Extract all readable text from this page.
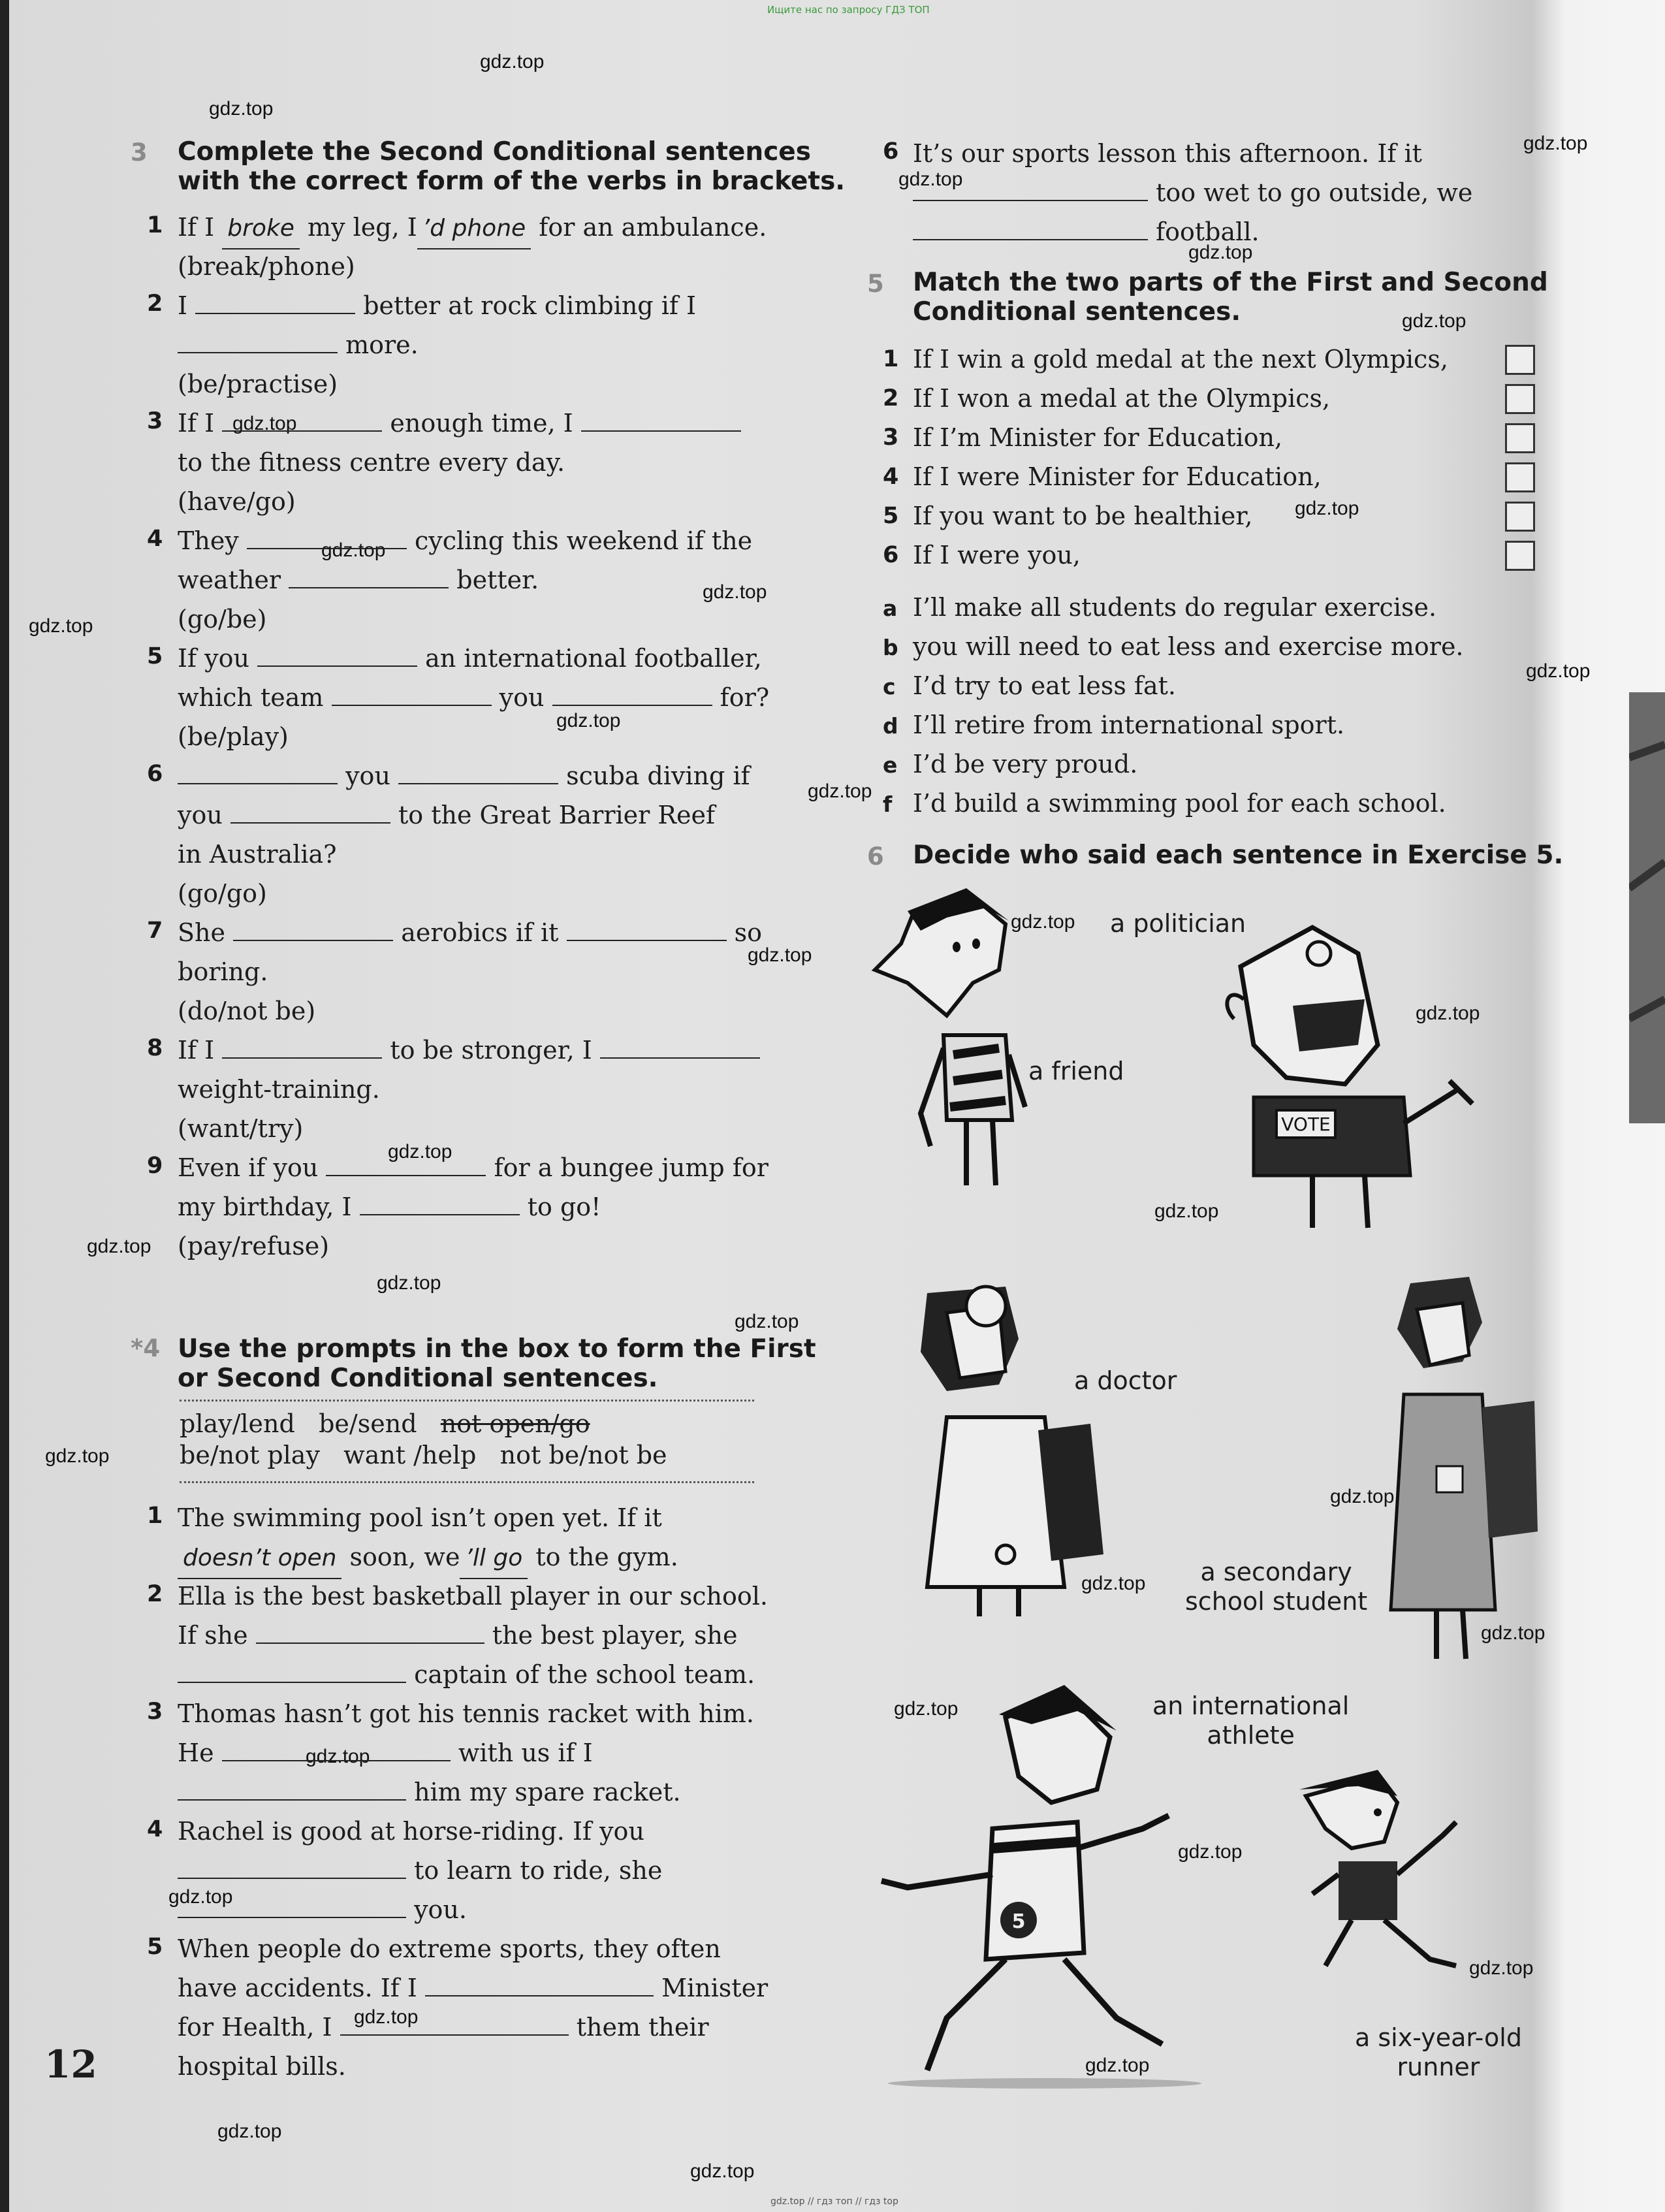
Ищите нас по запросу ГДЗ ТОП
gdz.top // гдз топ // гдз top
gdz.top
gdz.top
gdz.top
gdz.top
gdz.top
gdz.top
gdz.top
gdz.top
gdz.top
gdz.top
gdz.top
gdz.top
gdz.top
gdz.top
gdz.top
gdz.top
gdz.top
gdz.top
gdz.top
gdz.top
gdz.top
gdz.top
gdz.top
gdz.top
gdz.top
gdz.top
gdz.top
gdz.top
gdz.top
gdz.top
gdz.top
gdz.top
gdz.top
gdz.top
gdz.top
3 Complete the Second Conditional sentences
with the correct form of the verbs in brackets.
1 If I broke my leg, I ’d phone for an ambulance.
(break/phone)
2 I	better at rock climbing if I
more.
(be/practise)
3 If I	enough time, I
to the fitness centre every day.
(have/go)
4 They	cycling this weekend if the
weather	better.
(go/be)
5 If you	an international footballer,
which team	you	for?
(be/play)
6	you	scuba diving if
you	to the Great Barrier Reef
in Australia?
(go/go)
7 She	aerobics if it	so
boring.
(do/not be)
8 If I	to be stronger, I
weight-training.
(want/try)
9 Even if you	for a bungee jump for
my birthday, I	to go!
(pay/refuse)
*4 Use the prompts in the box to form the First
or Second Conditional sentences.
play/lend be/send not open/go
be/not play want /help not be/not be
1 The swimming pool isn’t open yet. If it
doesn’t open soon, we ’ll go to the gym.
2 Ella is the best basketball player in our school.
If she	the best player, she
captain of the school team.
3 Thomas hasn’t got his tennis racket with him.
He	with us if I
him my spare racket.
4 Rachel is good at horse-riding. If you
to learn to ride, she
you.
5 When people do extreme sports, they often
have accidents. If I	Minister
for Health, I	them their
hospital bills.
12
6 It’s our sports lesson this afternoon. If it
too wet to go outside, we
football.
5 Match the two parts of the First and Second
Conditional sentences.
1 If I win a gold medal at the next Olympics,
2 If I won a medal at the Olympics,
3 If I’m Minister for Education,
4 If I were Minister for Education,
5 If you want to be healthier,
6 If I were you,
a I’ll make all students do regular exercise.
b you will need to eat less and exercise more.
c I’d try to eat less fat.
d I’ll retire from international sport.
e I’d be very proud.
f I’d build a swimming pool for each school.
6 Decide who said each sentence in Exercise 5.
a friend
a politician
VOTE
a doctor
a secondary
school student
an international
athlete
5
a six-year-old
runner
